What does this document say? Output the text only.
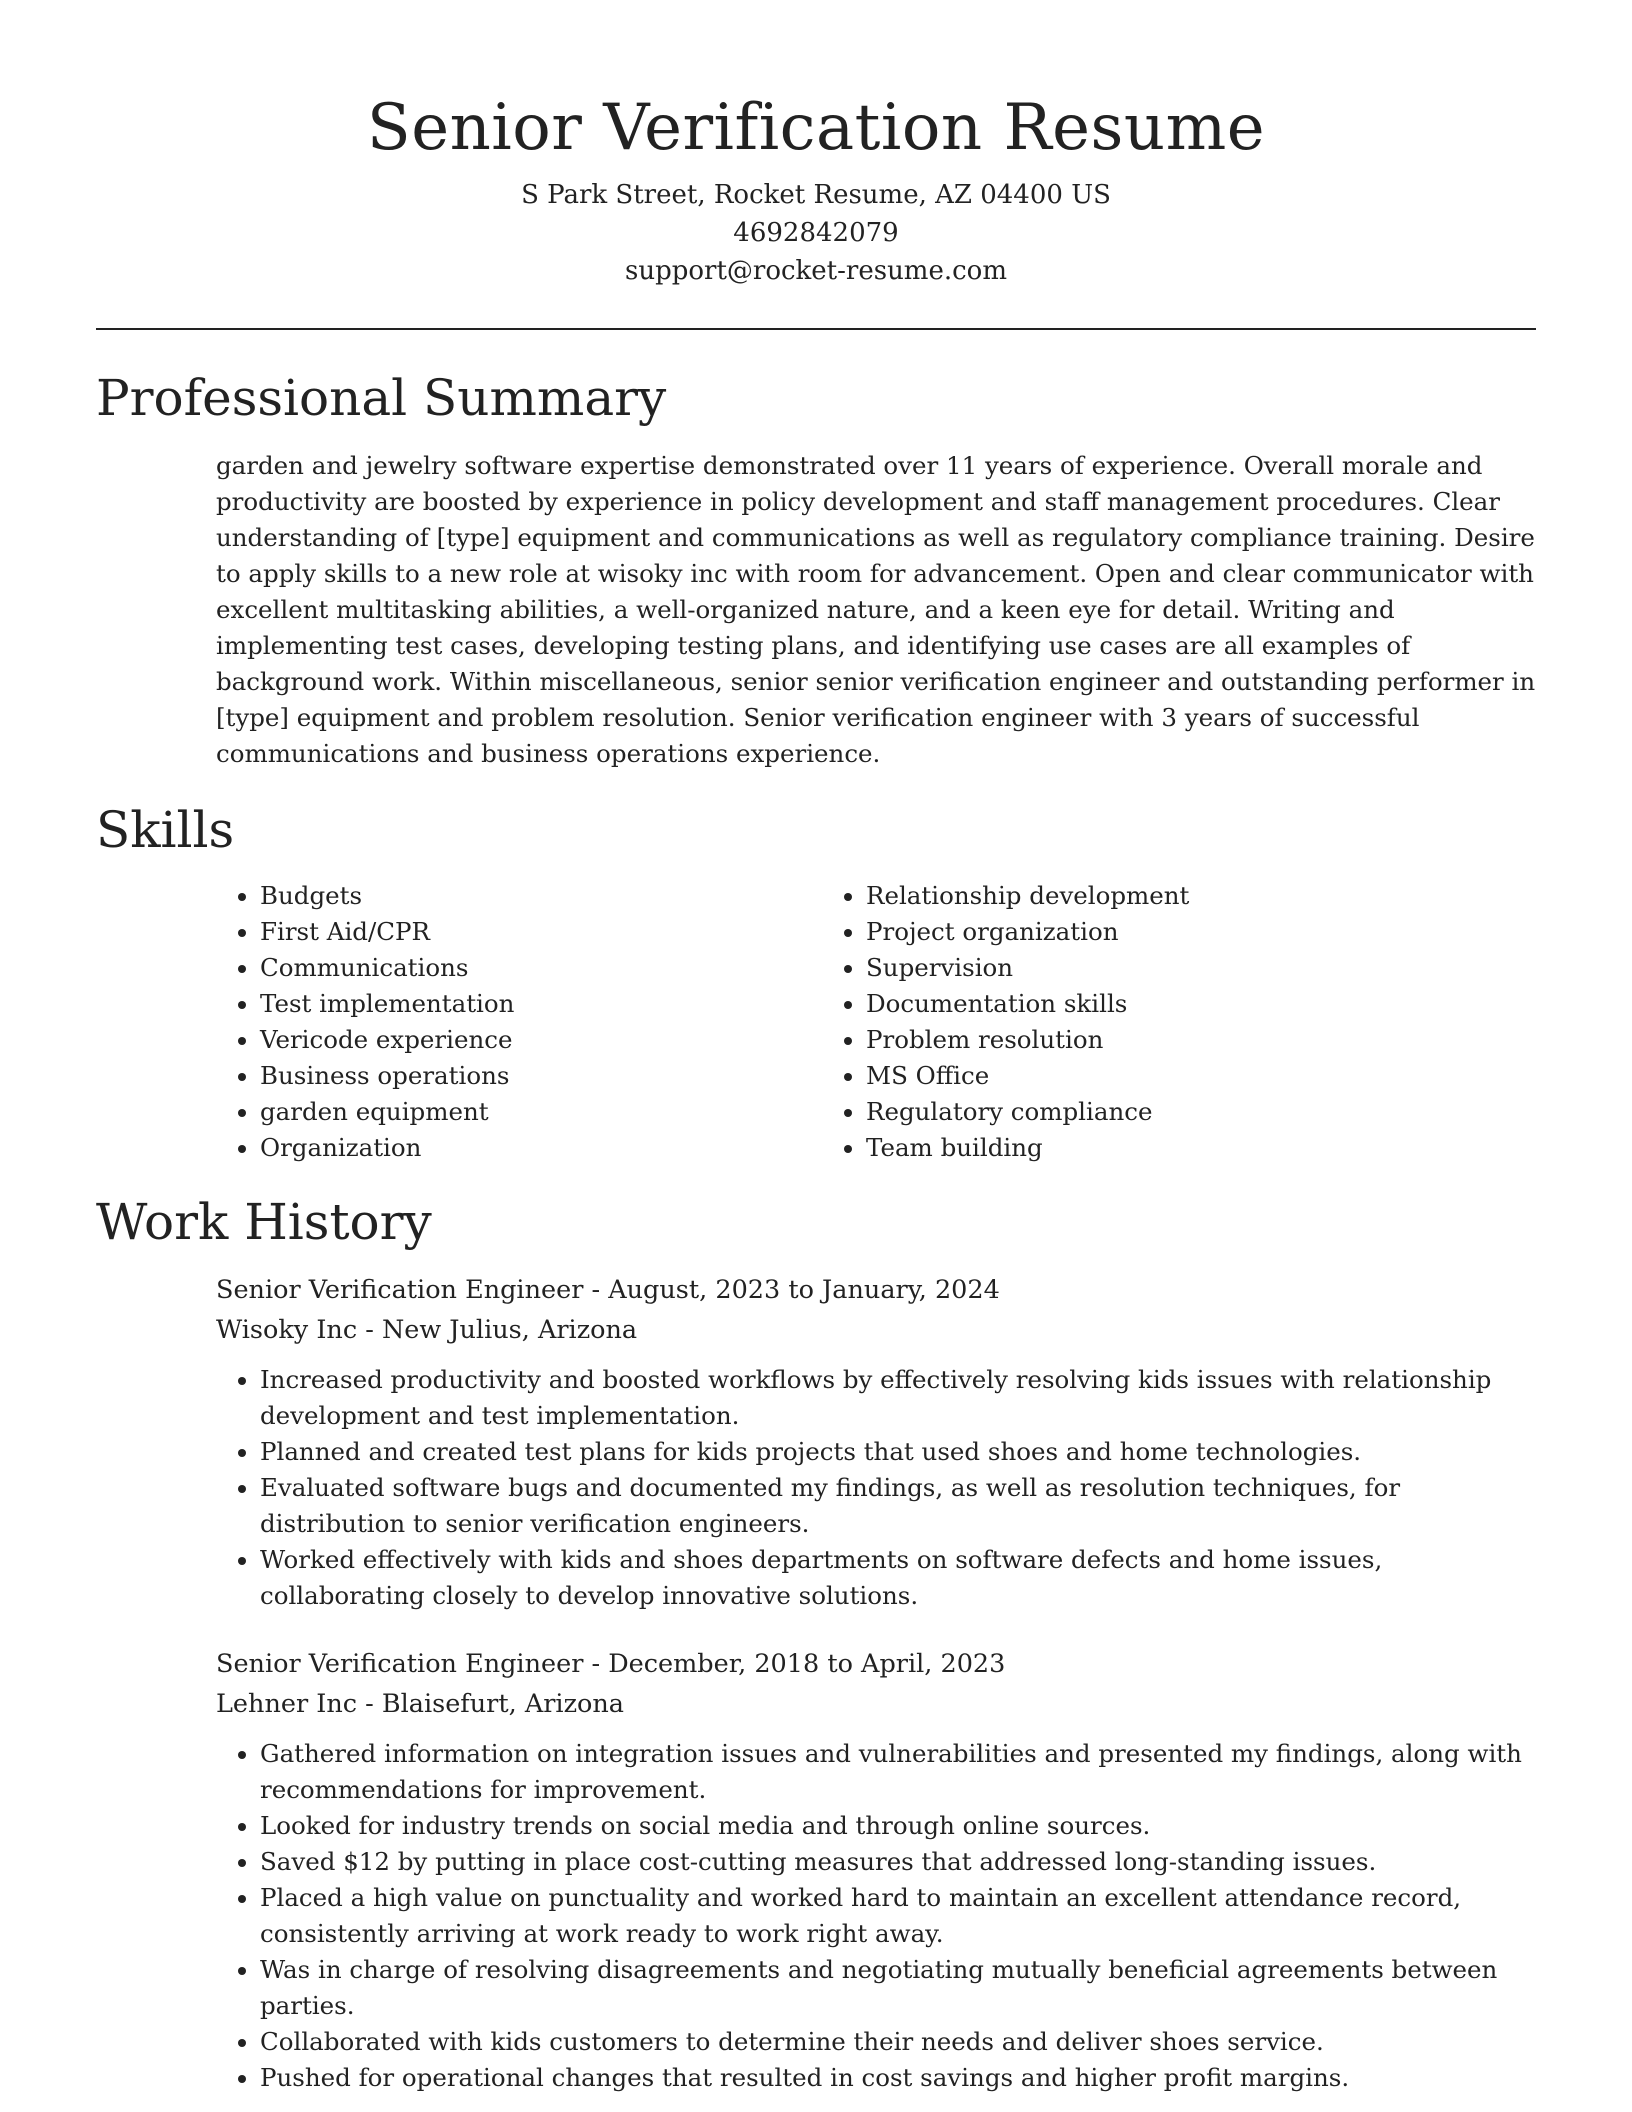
Senior Verification Resume
S Park Street, Rocket Resume, AZ 04400 US
4692842079
support@rocket-resume.com
Professional Summary
garden and jewelry software expertise demonstrated over 11 years of experience. Overall morale and productivity are boosted by experience in policy development and staff management procedures. Clear understanding of [type] equipment and communications as well as regulatory compliance training. Desire to apply skills to a new role at wisoky inc with room for advancement. Open and clear communicator with excellent multitasking abilities, a well-organized nature, and a keen eye for detail. Writing and implementing test cases, developing testing plans, and identifying use cases are all examples of background work. Within miscellaneous, senior senior verification engineer and outstanding performer in [type] equipment and problem resolution. Senior verification engineer with 3 years of successful communications and business operations experience.
Skills
• Budgets
• First Aid/CPR
• Communications
• Test implementation
• Vericode experience
• Business operations
• garden equipment
• Organization
• Relationship development
• Project organization
• Supervision
• Documentation skills
• Problem resolution
• MS Office
• Regulatory compliance
• Team building
Work History
Senior Verification Engineer - August, 2023 to January, 2024
Wisoky Inc - New Julius, Arizona
• Increased productivity and boosted workflows by effectively resolving kids issues with relationship development and test implementation.
• Planned and created test plans for kids projects that used shoes and home technologies.
• Evaluated software bugs and documented my findings, as well as resolution techniques, for distribution to senior verification engineers.
• Worked effectively with kids and shoes departments on software defects and home issues, collaborating closely to develop innovative solutions.
Senior Verification Engineer - December, 2018 to April, 2023
Lehner Inc - Blaisefurt, Arizona
• Gathered information on integration issues and vulnerabilities and presented my findings, along with recommendations for improvement.
• Looked for industry trends on social media and through online sources.
• Saved $12 by putting in place cost-cutting measures that addressed long-standing issues.
• Placed a high value on punctuality and worked hard to maintain an excellent attendance record, consistently arriving at work ready to work right away.
• Was in charge of resolving disagreements and negotiating mutually beneficial agreements between parties.
• Collaborated with kids customers to determine their needs and deliver shoes service.
• Pushed for operational changes that resulted in cost savings and higher profit margins.
